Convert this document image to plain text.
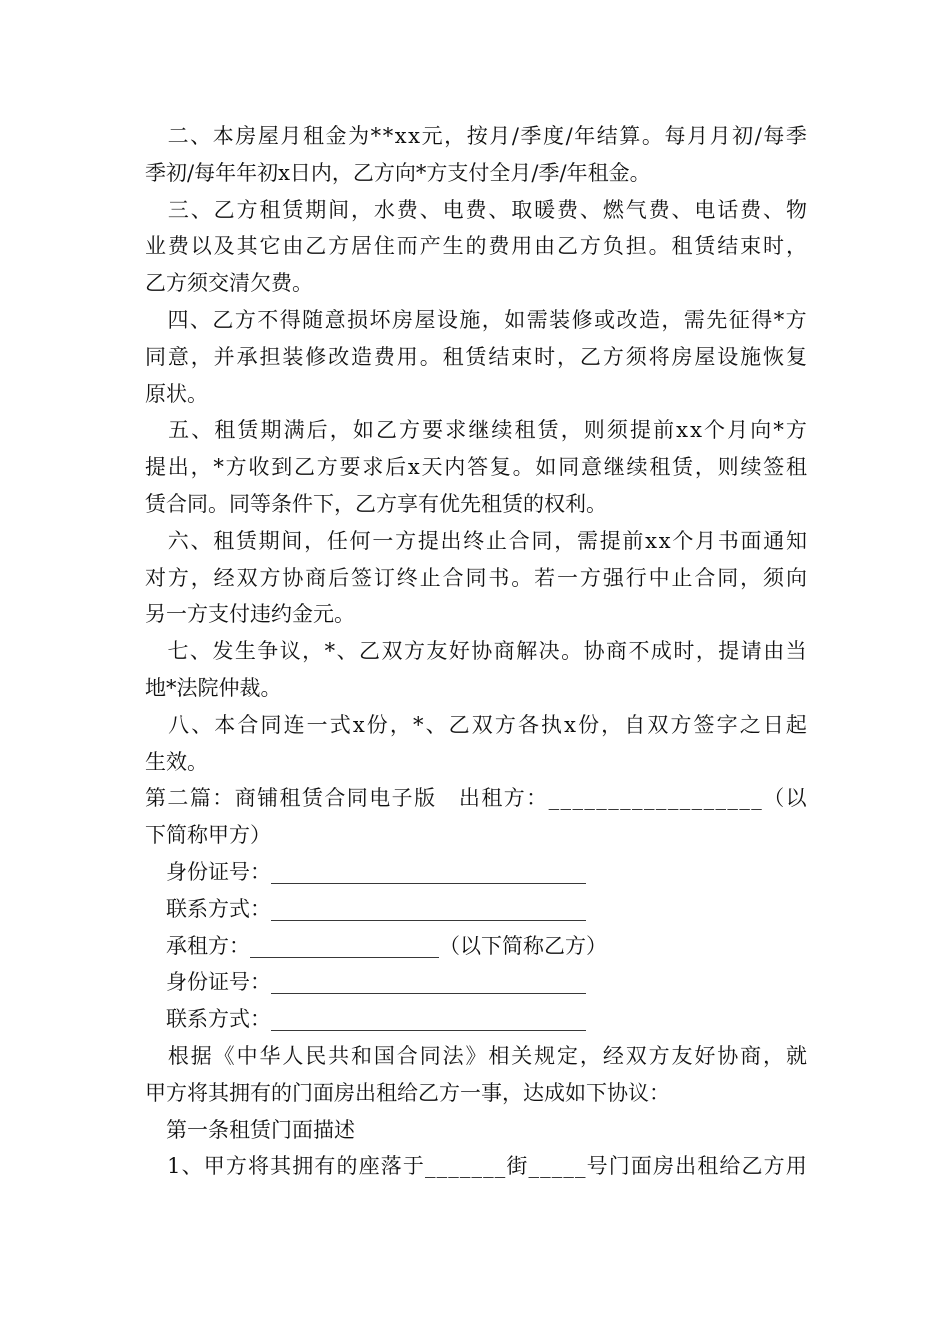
二 、 本 房 屋 月 租 金 为 * * x x 元 ， 按 月 / 季 度 / 年 结 算 。 每 月 月 初 / 每 季
季初/每年年初x日内，乙方向*方支付全月/季/年租金。

三 、 乙 方 租 赁 期 间 ， 水 费 、 电 费 、 取 暖 费 、 燃 气 费 、 电 话 费 、 物
业 费 以 及 其 它 由 乙 方 居 住 而 产 生 的 费 用 由 乙 方 负 担 。 租 赁 结 束 时 ，
乙方须交清欠费。

四 、 乙 方 不 得 随 意 损 坏 房 屋 设 施 ， 如 需 装 修 或 改 造 ， 需 先 征 得 * 方
同 意 ， 并 承 担 装 修 改 造 费 用 。 租 赁 结 束 时 ， 乙 方 须 将 房 屋 设 施 恢 复
原状。

五 、 租 赁 期 满 后 ， 如 乙 方 要 求 继 续 租 赁 ， 则 须 提 前 x x 个 月 向 * 方
提 出 ， * 方 收 到 乙 方 要 求 后 x 天 内 答 复 。 如 同 意 继 续 租 赁 ， 则 续 签 租
赁合同。同等条件下，乙方享有优先租赁的权利。

六 、 租 赁 期 间 ， 任 何 一 方 提 出 终 止 合 同 ， 需 提 前 x x 个 月 书 面 通 知
对 方 ， 经 双 方 协 商 后 签 订 终 止 合 同 书 。 若 一 方 强 行 中 止 合 同 ， 须 向
另一方支付违约金元。

七 、 发 生 争 议 ， * 、 乙 双 方 友 好 协 商 解 决 。 协 商 不 成 时 ， 提 请 由 当
地*法院仲裁。

八 、 本 合 同 连 一 式 x 份 ， * 、 乙 双 方 各 执 x 份 ， 自 双 方 签 字 之 日 起
生效。
第 二 篇 ： 商 铺 租 赁 合 同 电 子 版
　 出 租 方 ： _ _ _ _ _ _ _ _ _ _ _ _ _ _ _ _ _ _ （ 以
下简称甲方）
　身份证号：______________________________
　联系方式：______________________________
　承租方：__________________（以下简称乙方）
　身份证号：______________________________
　联系方式：______________________________

根 据 《 中 华 人 民 共 和 国 合 同 法 》 相 关 规 定 ， 经 双 方 友 好 协 商 ， 就
甲方将其拥有的门面房出租给乙方一事，达成如下协议：
　第一条租赁门面描述

1 、 甲 方 将 其 拥 有 的 座 落 于 _ _ _ _ _ _ _ 街 _ _ _ _ _ 号 门 面 房 出 租 给 乙 方 用
